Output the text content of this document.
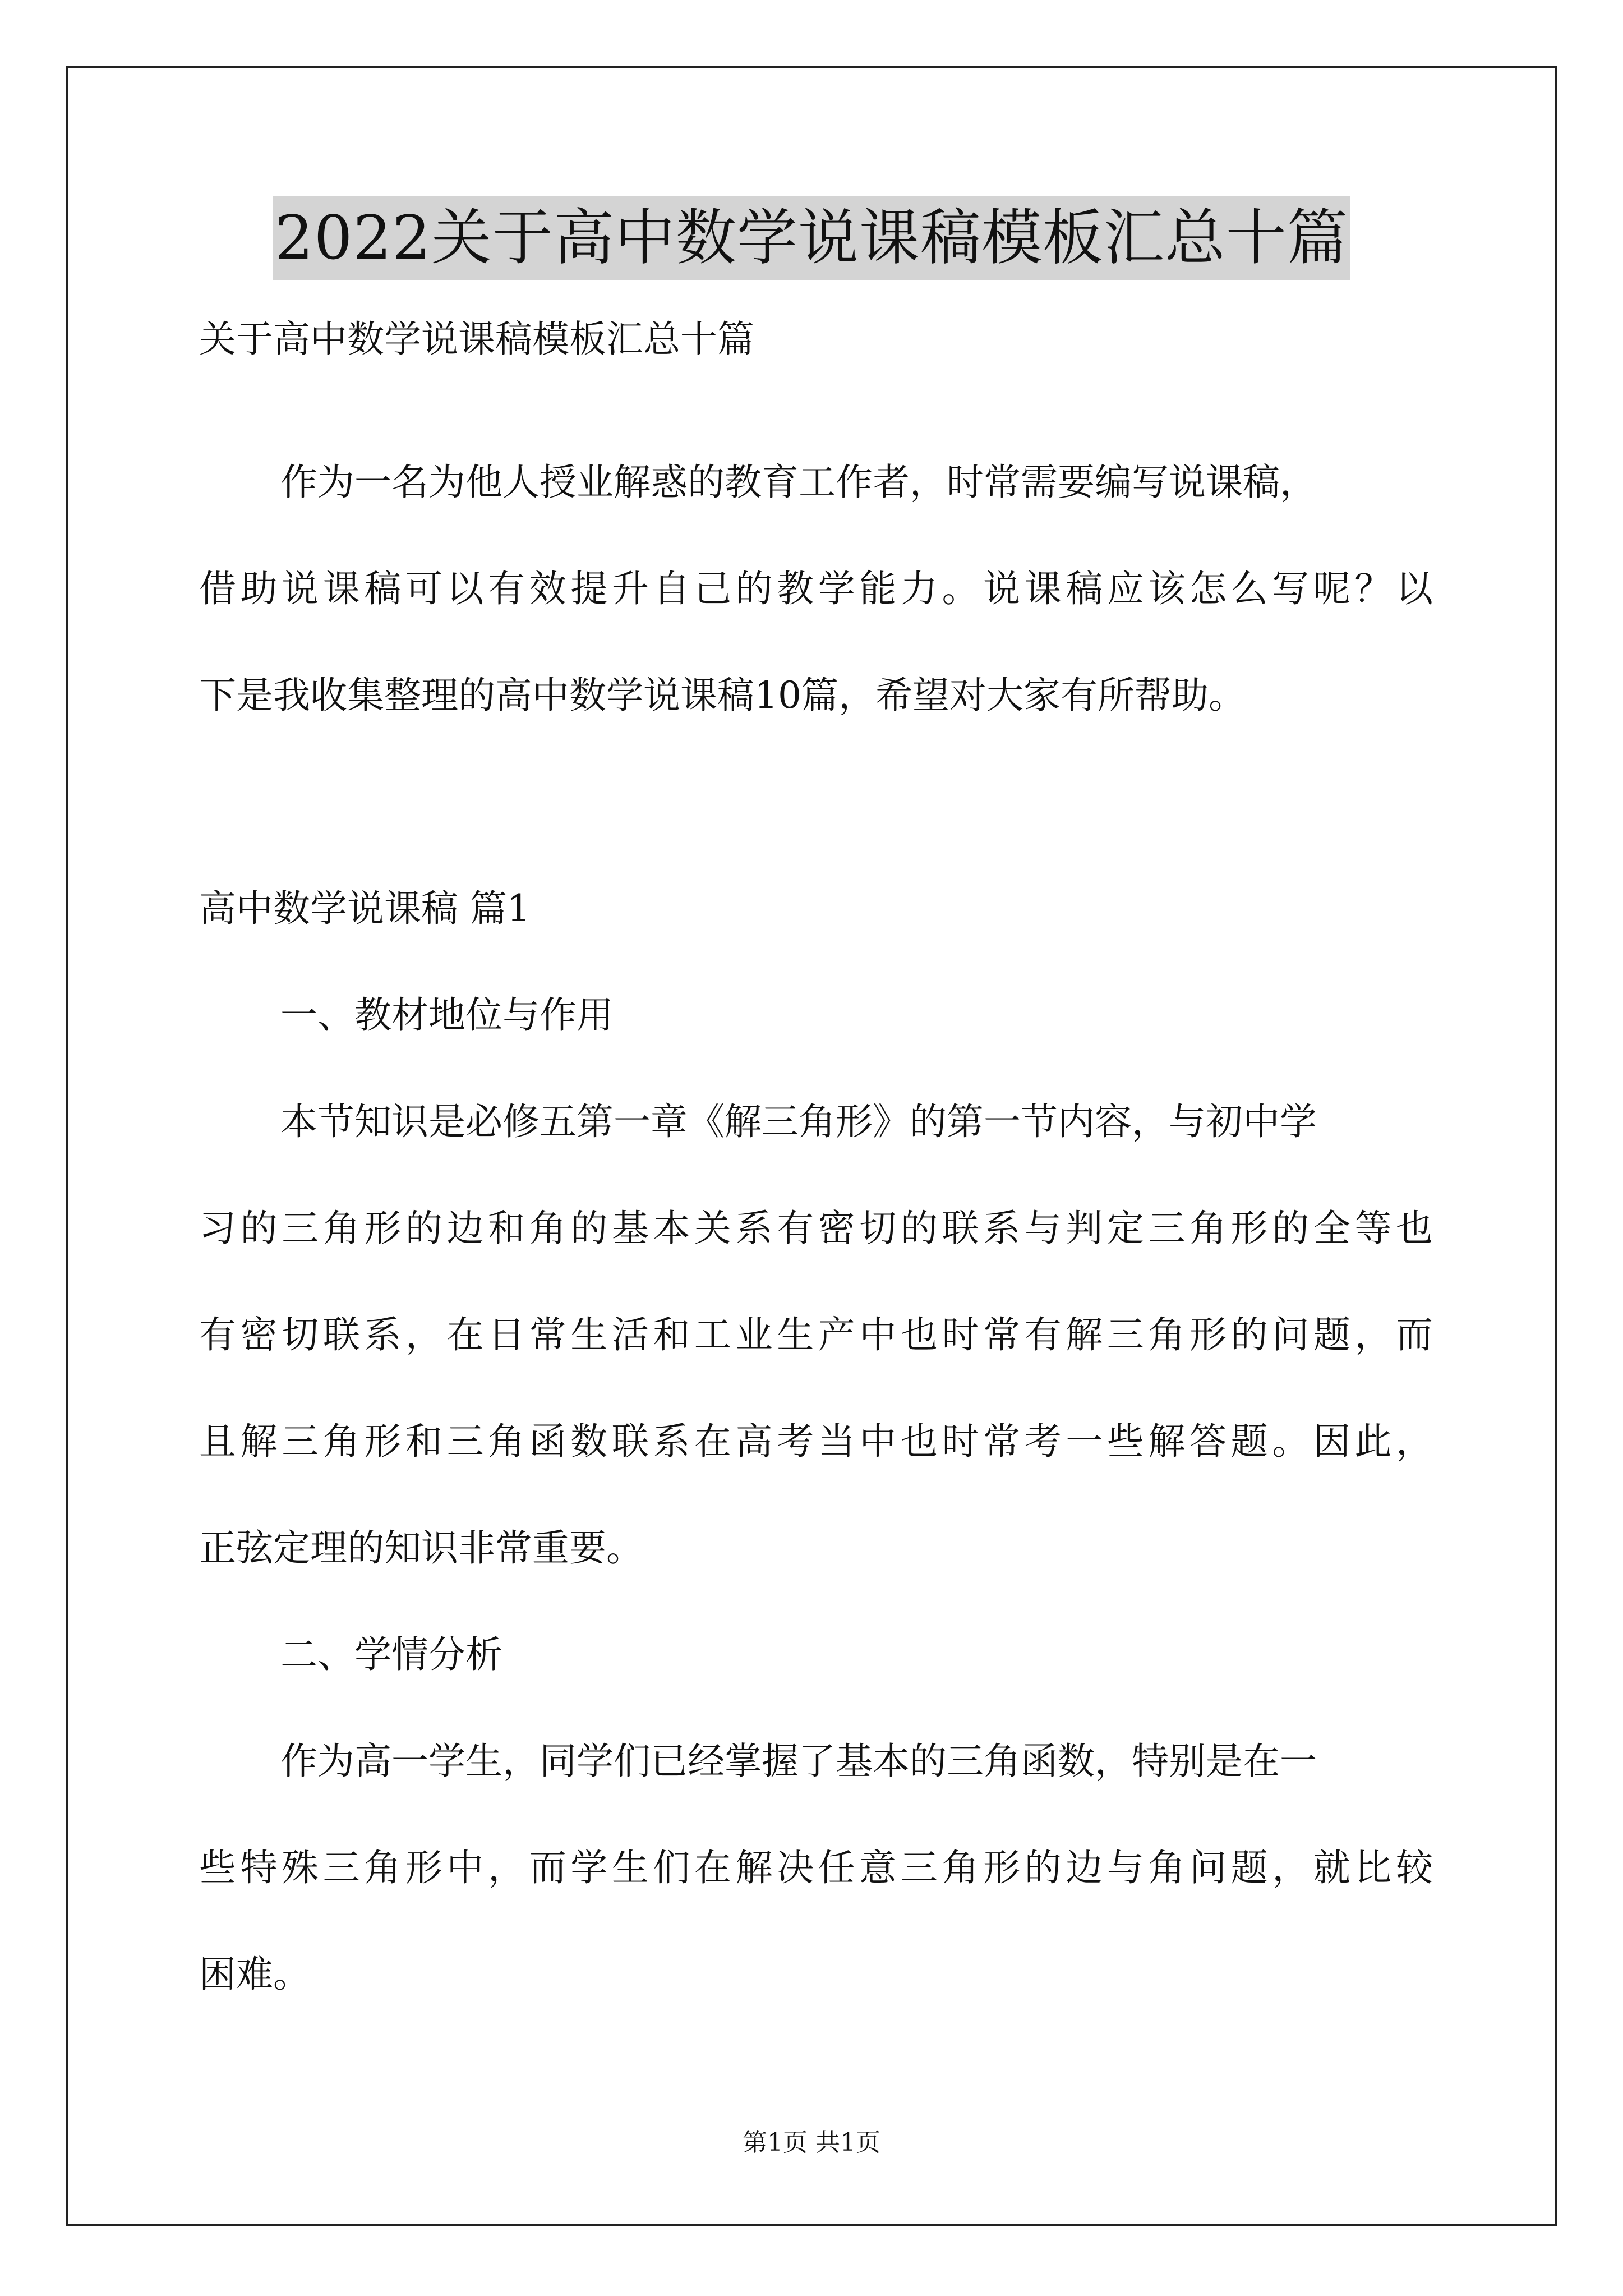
2022关于高中数学说课稿模板汇总十篇
关于高中数学说课稿模板汇总十篇
作为一名为他人授业解惑的教育工作者，时常需要编写说课稿，
借助说课稿可以有效提升自己的教学能力。说课稿应该怎么写呢？以
下是我收集整理的高中数学说课稿10篇，希望对大家有所帮助。
高中数学说课稿 篇1
一、教材地位与作用
本节知识是必修五第一章《解三角形》的第一节内容，与初中学
习的三角形的边和角的基本关系有密切的联系与判定三角形的全等也
有密切联系，在日常生活和工业生产中也时常有解三角形的问题，而
且解三角形和三角函数联系在高考当中也时常考一些解答题。因此，
正弦定理的知识非常重要。
二、学情分析
作为高一学生，同学们已经掌握了基本的三角函数，特别是在一
些特殊三角形中，而学生们在解决任意三角形的边与角问题，就比较
困难。
第1页 共1页
